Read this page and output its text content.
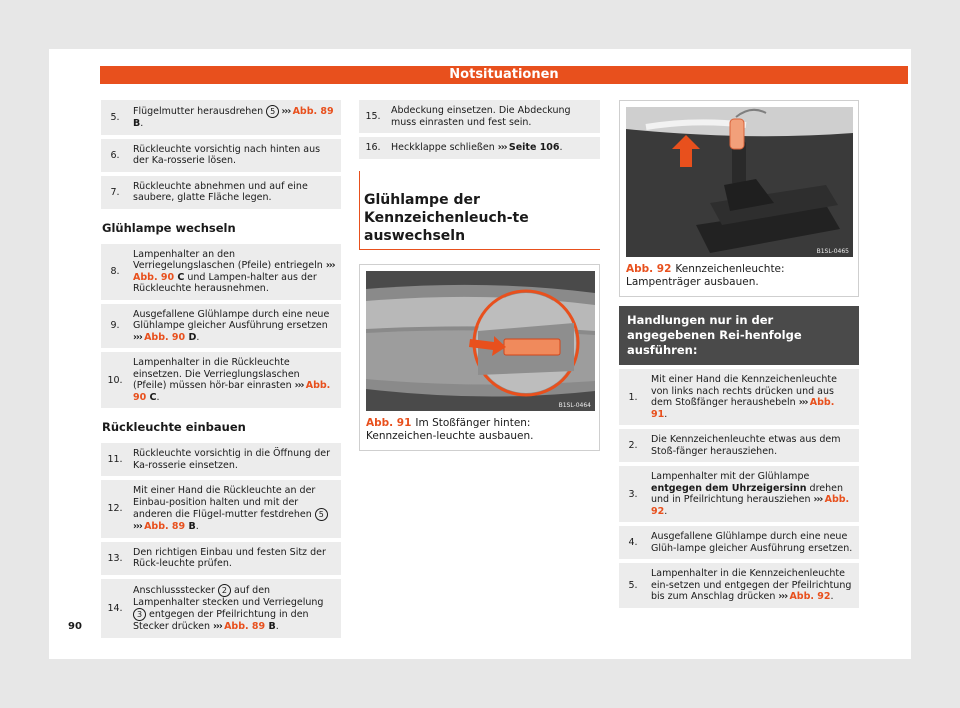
Notsituationen
5.
Flügelmutter herausdrehen 5 ››› Abb. 89 B.
6.
Rückleuchte vorsichtig nach hinten aus der Ka-rosserie lösen.
7.
Rückleuchte abnehmen und auf eine saubere, glatte Fläche legen.
Glühlampe wechseln
8.
Lampenhalter an den Verriegelungslaschen (Pfeile) entriegeln ››› Abb. 90 C und Lampen-halter aus der Rückleuchte herausnehmen.
9.
Ausgefallene Glühlampe durch eine neue Glühlampe gleicher Ausführung ersetzen ››› Abb. 90 D.
10.
Lampenhalter in die Rückleuchte einsetzen. Die Verrieglungslaschen (Pfeile) müssen hör-bar einrasten ››› Abb. 90 C.
Rückleuchte einbauen
11.
Rückleuchte vorsichtig in die Öffnung der Ka-rosserie einsetzen.
12.
Mit einer Hand die Rückleuchte an der Einbau-position halten und mit der anderen die Flügel-mutter festdrehen 5 ››› Abb. 89 B.
13.
Den richtigen Einbau und festen Sitz der Rück-leuchte prüfen.
14.
Anschlussstecker 2 auf den Lampenhalter stecken und Verriegelung 3 entgegen der Pfeilrichtung in den Stecker drücken ››› Abb. 89 B.
15.
Abdeckung einsetzen. Die Abdeckung muss einrasten und fest sein.
16.	Heckklappe schließen ››› Seite 106.
Glühlampe der Kennzeichenleuch-te auswechseln
B1SL-0464
Abb. 91 Im Stoßfänger hinten: Kennzeichen-leuchte ausbauen.
B1SL-0465
Abb. 92 Kennzeichenleuchte: Lampenträger ausbauen.
Handlungen nur in der angegebenen Rei-henfolge ausführen:
1.
Mit einer Hand die Kennzeichenleuchte von links nach rechts drücken und aus dem Stoßfänger heraushebeln ››› Abb. 91.
2.
Die Kennzeichenleuchte etwas aus dem Stoß-fänger herausziehen.
3.
Lampenhalter mit der Glühlampe entgegen dem Uhrzeigersinn drehen und in Pfeilrichtung herausziehen ››› Abb. 92.
4.
Ausgefallene Glühlampe durch eine neue Glüh-lampe gleicher Ausführung ersetzen.
5.
Lampenhalter in die Kennzeichenleuchte ein-setzen und entgegen der Pfeilrichtung bis zum Anschlag drücken ››› Abb. 92.
90
